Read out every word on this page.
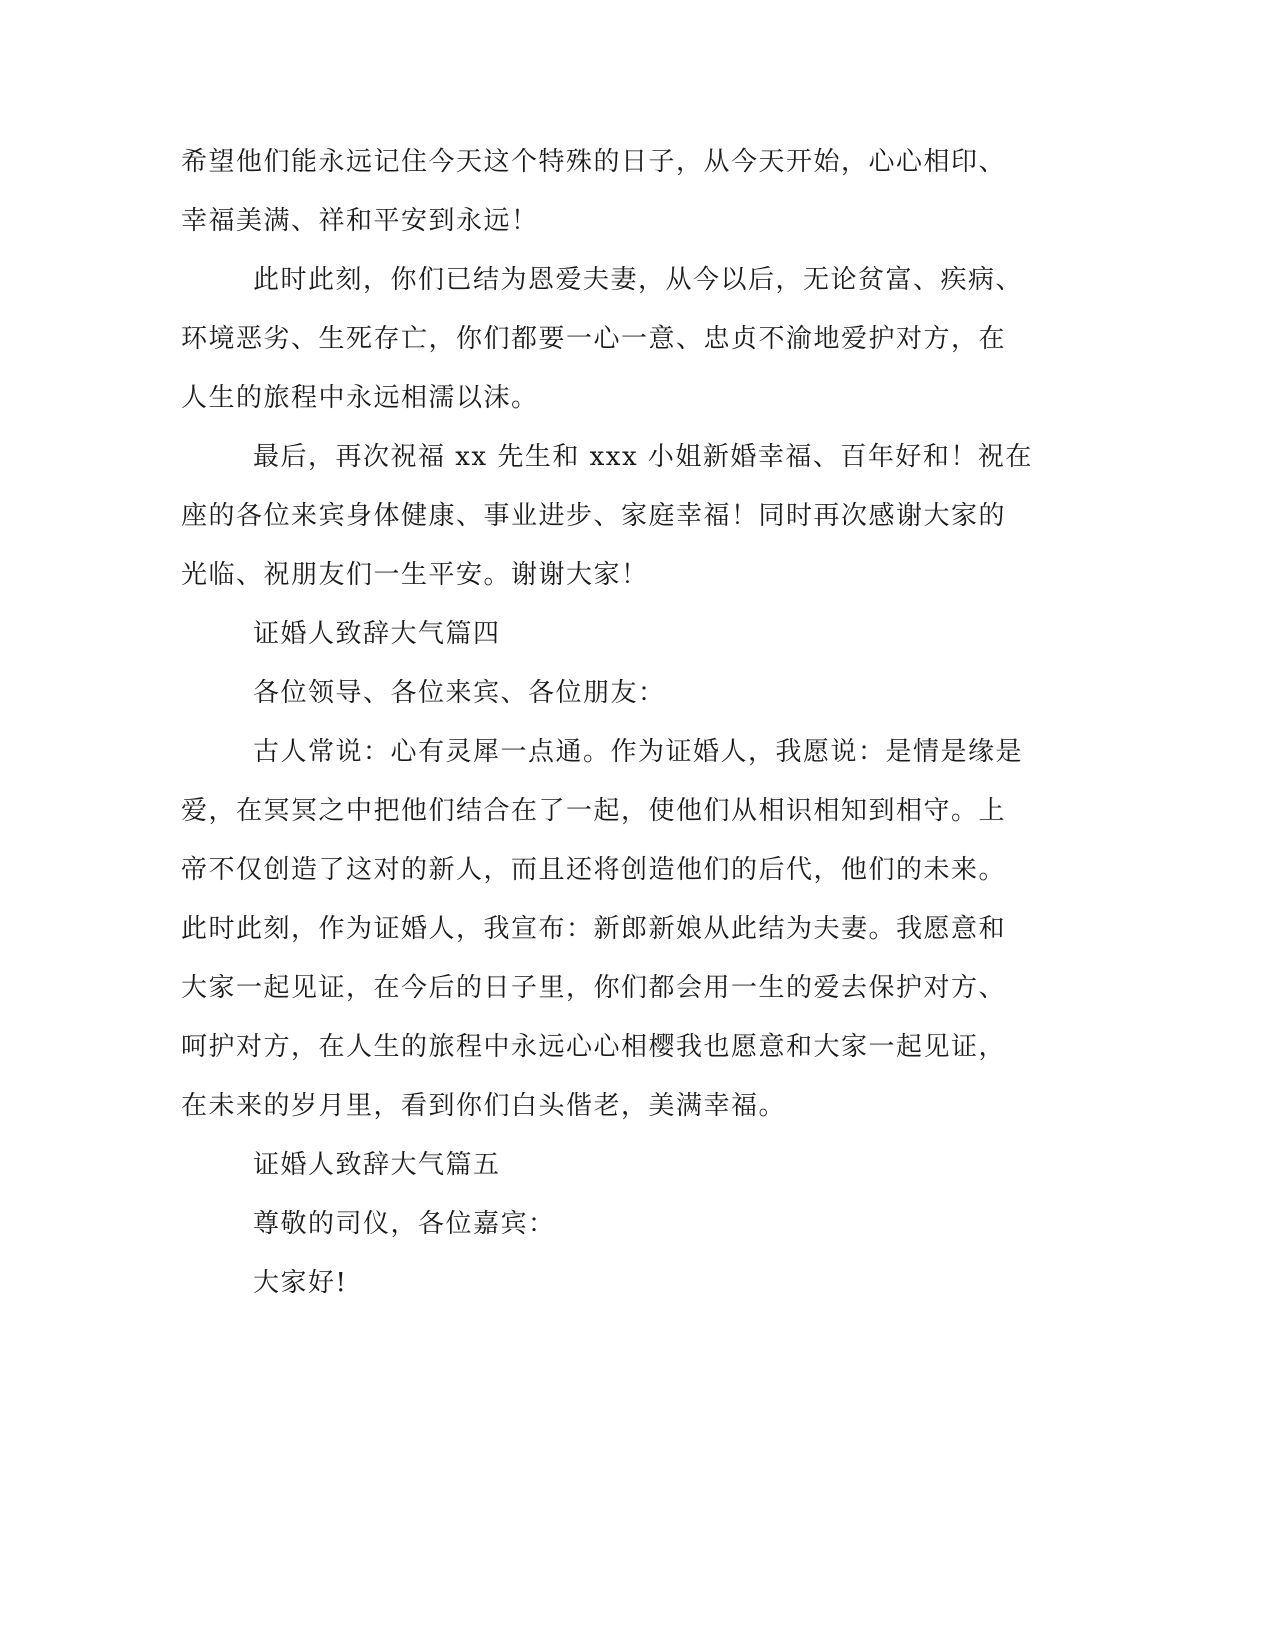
希望他们能永远记住今天这个特殊的日子，从今天开始，心心相印、
幸福美满、祥和平安到永远！

此时此刻，你们已结为恩爱夫妻，从今以后，无论贫富、疾病、
环境恶劣、生死存亡，你们都要一心一意、忠贞不渝地爱护对方，在
人生的旅程中永远相濡以沫。

最后，再次祝福 xx 先生和 xxx 小姐新婚幸福、百年好和！祝在
座的各位来宾身体健康、事业进步、家庭幸福！同时再次感谢大家的
光临、祝朋友们一生平安。谢谢大家！

证婚人致辞大气篇四

各位领导、各位来宾、各位朋友：

古人常说：心有灵犀一点通。作为证婚人，我愿说：是情是缘是
爱，在冥冥之中把他们结合在了一起，使他们从相识相知到相守。上
帝不仅创造了这对的新人，而且还将创造他们的后代，他们的未来。
此时此刻，作为证婚人，我宣布：新郎新娘从此结为夫妻。我愿意和
大家一起见证，在今后的日子里，你们都会用一生的爱去保护对方、
呵护对方，在人生的旅程中永远心心相樱我也愿意和大家一起见证，
在未来的岁月里，看到你们白头偕老，美满幸福。

证婚人致辞大气篇五

尊敬的司仪，各位嘉宾：

大家好!
